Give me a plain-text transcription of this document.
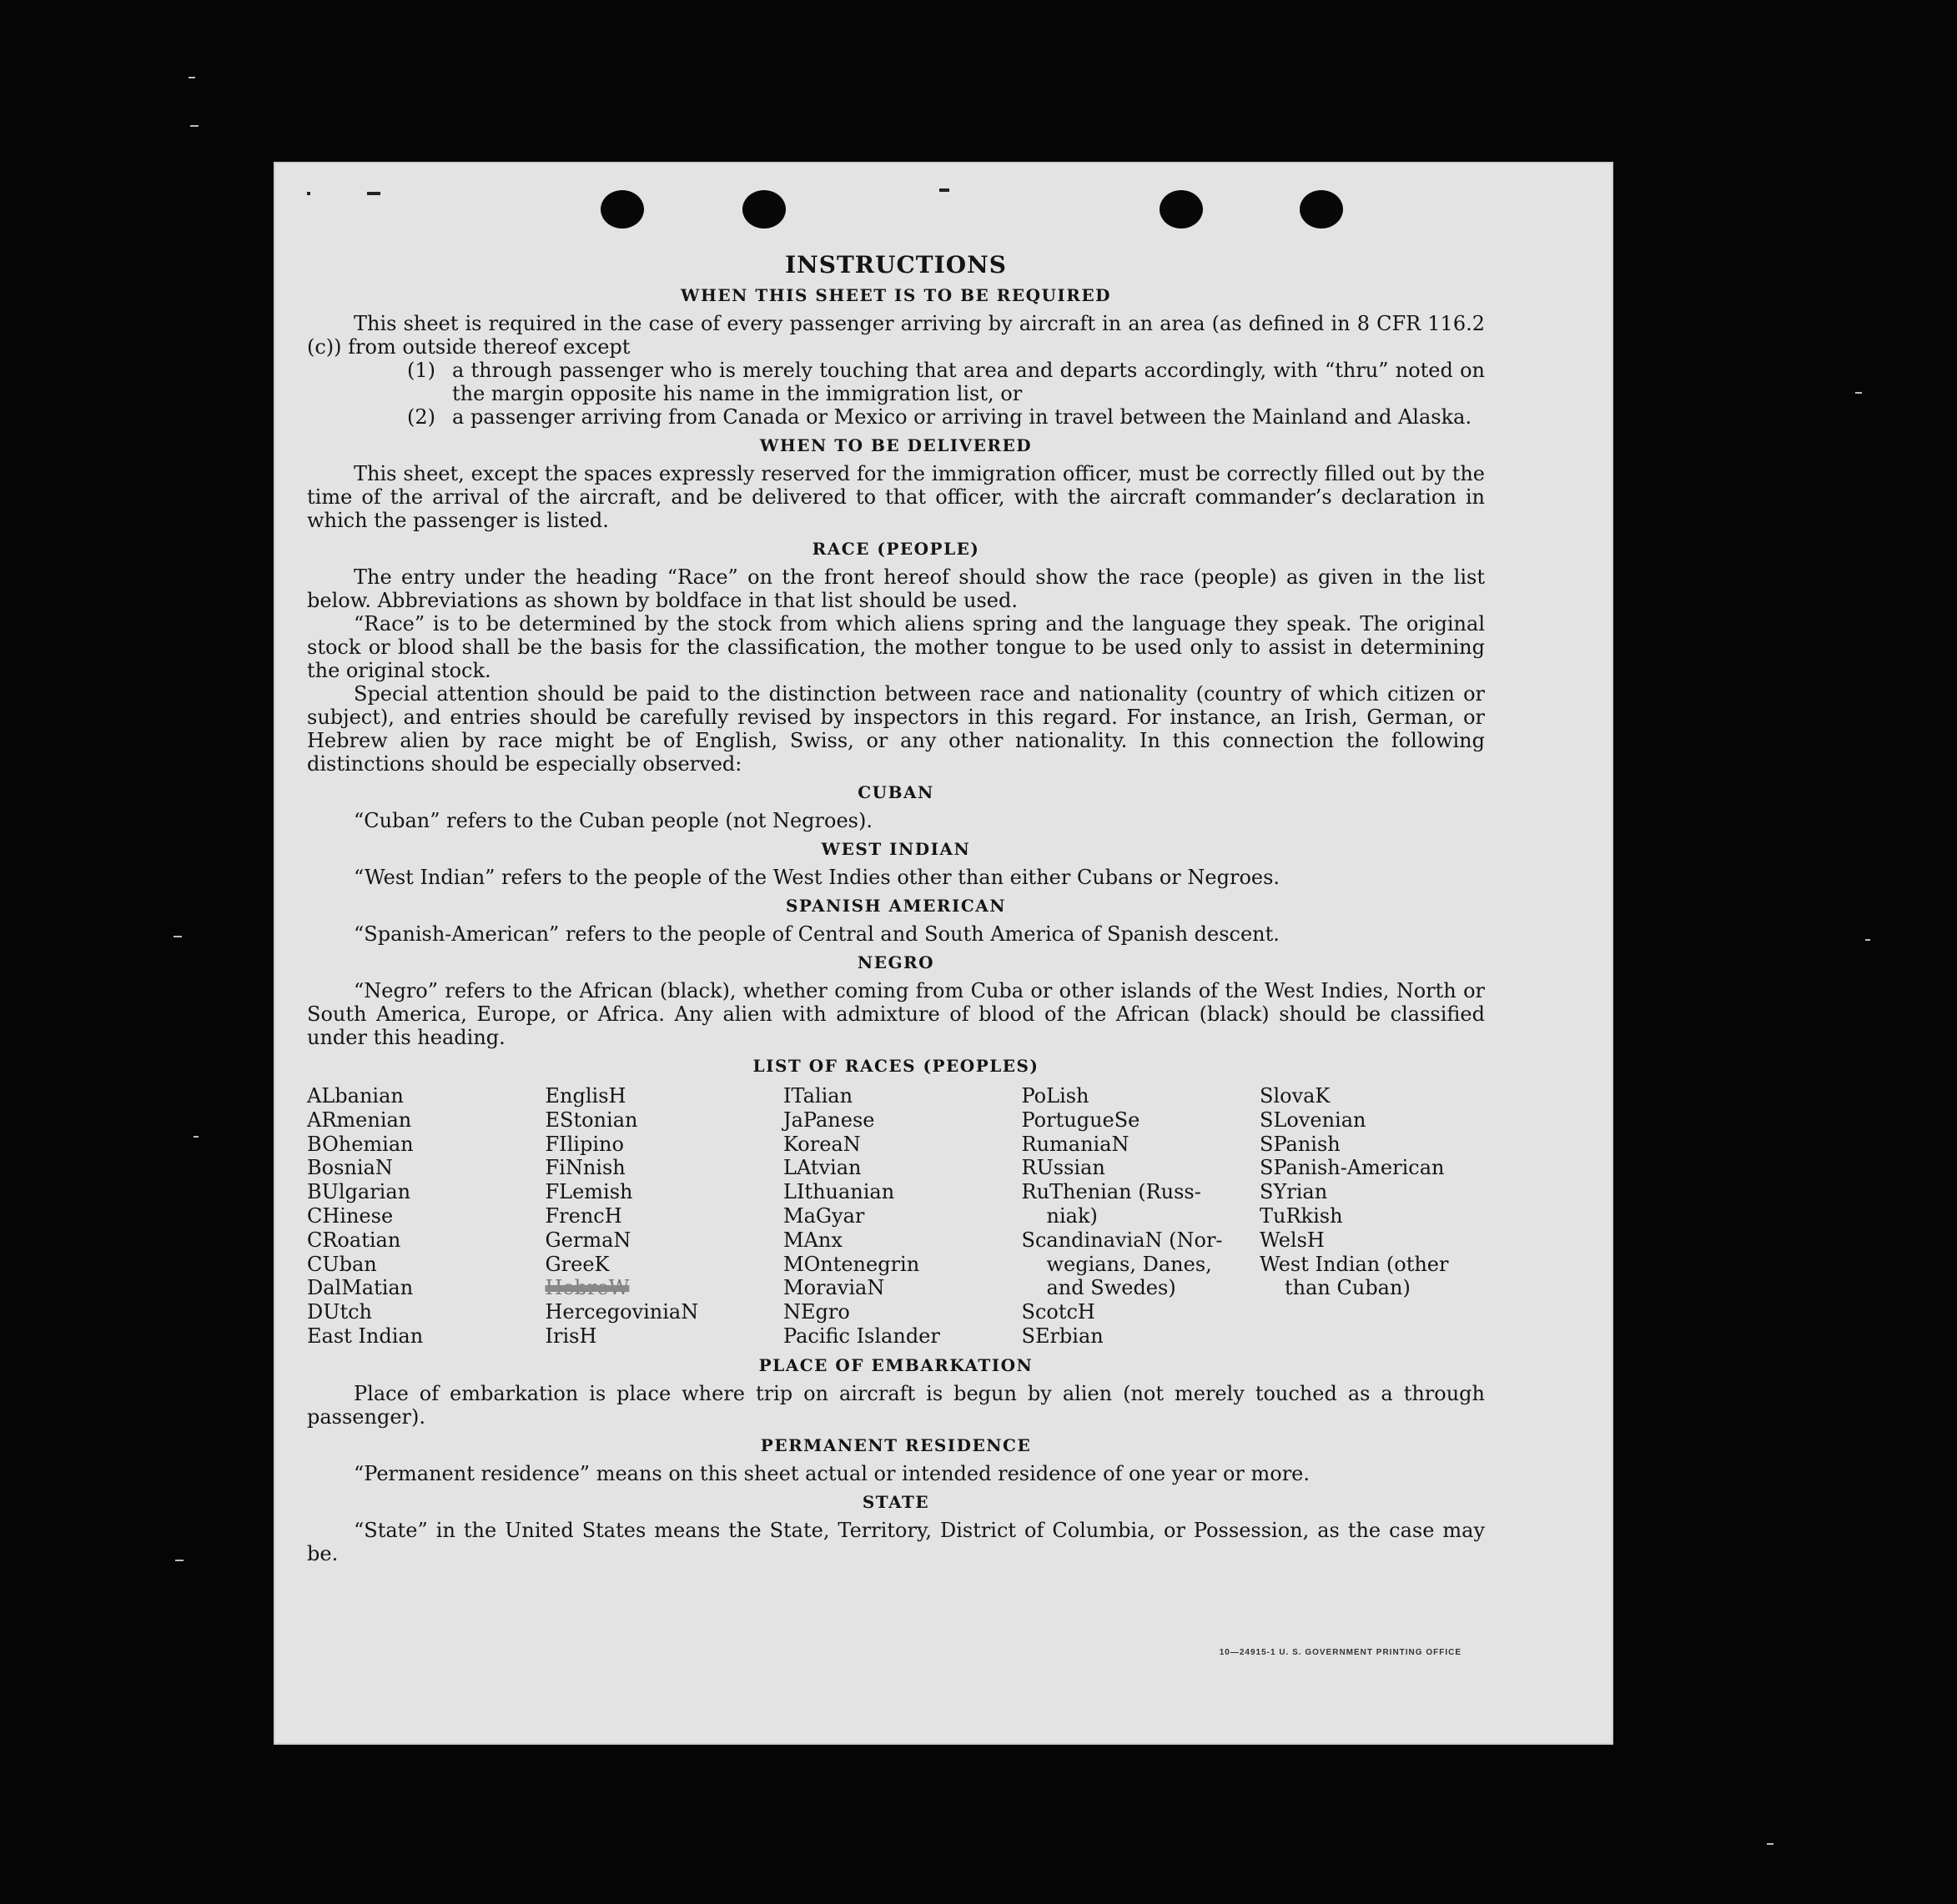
INSTRUCTIONS
WHEN THIS SHEET IS TO BE REQUIRED

This sheet is required in the case of every passenger arriving by aircraft in an area (as defined in 8 CFR 116.2 (c)) from outside thereof except

(1) a through passenger who is merely touching that area and departs accordingly, with “thru” noted on the margin opposite his name in the immigration list, or
(2) a passenger arriving from Canada or Mexico or arriving in travel between the Mainland and Alaska.
WHEN TO BE DELIVERED

This sheet, except the spaces expressly reserved for the immigration officer, must be correctly filled out by the time of the arrival of the aircraft, and be delivered to that officer, with the aircraft commander’s declaration in which the passenger is listed.

RACE (PEOPLE)

The entry under the heading “Race” on the front hereof should show the race (people) as given in the list below. Abbreviations as shown by boldface in that list should be used.

“Race” is to be determined by the stock from which aliens spring and the language they speak. The original stock or blood shall be the basis for the classification, the mother tongue to be used only to assist in determining the original stock.

Special attention should be paid to the distinction between race and nationality (country of which citizen or subject), and entries should be carefully revised by inspectors in this regard. For instance, an Irish, German, or Hebrew alien by race might be of English, Swiss, or any other nationality. In this connection the following distinctions should be especially observed:

CUBAN

“Cuban” refers to the Cuban people (not Negroes).

WEST INDIAN

“West Indian” refers to the people of the West Indies other than either Cubans or Negroes.

SPANISH AMERICAN

“Spanish-American” refers to the people of Central and South America of Spanish descent.

NEGRO

“Negro” refers to the African (black), whether coming from Cuba or other islands of the West Indies, North or South America, Europe, or Africa. Any alien with admixture of blood of the African (black) should be classified under this heading.

LIST OF RACES (PEOPLES)
ALbanian
ARmenian
BOhemian
BosniaN
BUlgarian
CHinese
CRoatian
CUban
DalMatian
DUtch
East Indian
EnglisH
EStonian
FIlipino
FiNnish
FLemish
FrencH
GermaN
GreeK
HebreW
HercegoviniaN
IrisH
ITalian
JaPanese
KoreaN
LAtvian
LIthuanian
MaGyar
MAnx
MOntenegrin
MoraviaN
NEgro
Pacific Islander
PoLish
PortugueSe
RumaniaN
RUssian
RuThenian (Russ-
niak)
ScandinaviaN (Nor-
wegians, Danes,
and Swedes)
ScotcH
SErbian
SlovaK
SLovenian
SPanish
SPanish-American
SYrian
TuRkish
WelsH
West Indian (other
than Cuban)
PLACE OF EMBARKATION

Place of embarkation is place where trip on aircraft is begun by alien (not merely touched as a through passenger).

PERMANENT RESIDENCE

“Permanent residence” means on this sheet actual or intended residence of one year or more.

STATE

“State” in the United States means the State, Territory, District of Columbia, or Possession, as the case may be.

10—24915-1 U. S. GOVERNMENT PRINTING OFFICE
